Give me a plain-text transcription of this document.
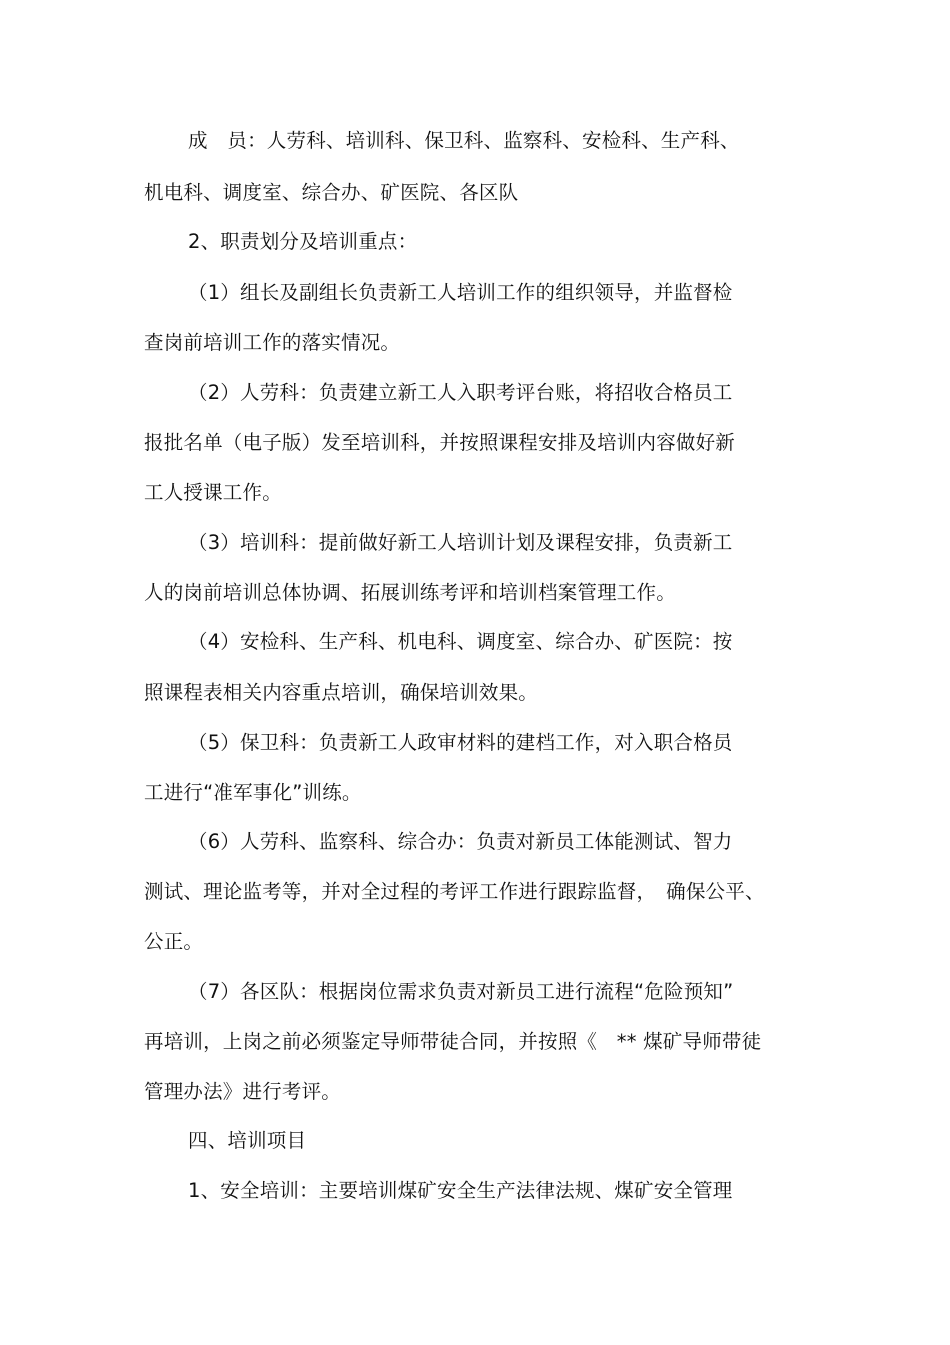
成　员：人劳科、培训科、保卫科、监察科、安检科、生产科、
机电科、调度室、综合办、矿医院、各区队
2、职责划分及培训重点：
（1）组长及副组长负责新工人培训工作的组织领导，并监督检
查岗前培训工作的落实情况。
（2）人劳科：负责建立新工人入职考评台账，将招收合格员工
报批名单（电子版）发至培训科，并按照课程安排及培训内容做好新
工人授课工作。
（3）培训科：提前做好新工人培训计划及课程安排，负责新工
人的岗前培训总体协调、拓展训练考评和培训档案管理工作。
（4）安检科、生产科、机电科、调度室、综合办、矿医院：按
照课程表相关内容重点培训，确保培训效果。
（5）保卫科：负责新工人政审材料的建档工作，对入职合格员
工进行“准军事化”训练。
（6）人劳科、监察科、综合办：负责对新员工体能测试、智力
测试、理论监考等，并对全过程的考评工作进行跟踪监督，　确保公平、
公正。
（7）各区队：根据岗位需求负责对新员工进行流程“危险预知”
再培训，上岗之前必须鉴定导师带徒合同，并按照《　** 煤矿导师带徒
管理办法》进行考评。
四、培训项目
1、安全培训：主要培训煤矿安全生产法律法规、煤矿安全管理
